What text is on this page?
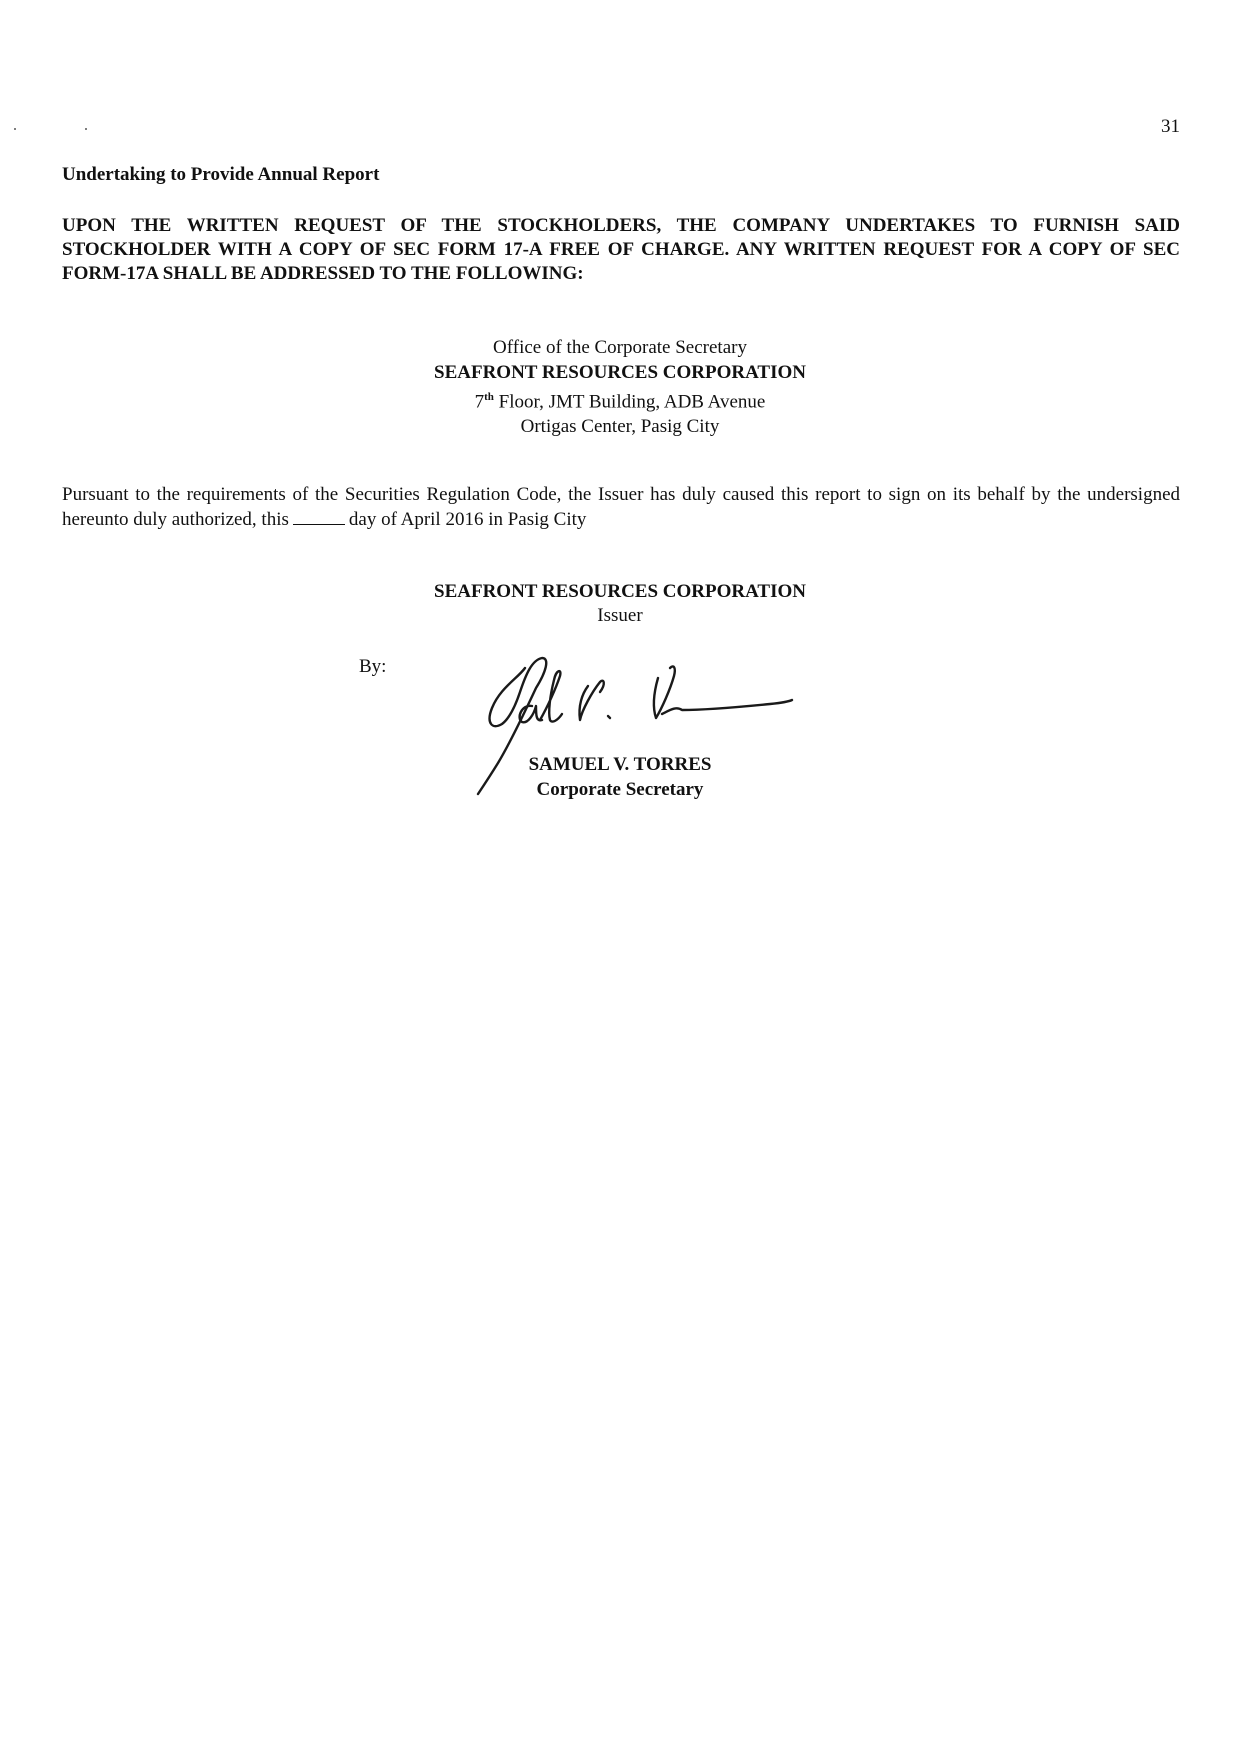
31
Undertaking to Provide Annual Report
UPON THE WRITTEN REQUEST OF THE STOCKHOLDERS, THE COMPANY UNDERTAKES TO FURNISH SAID STOCKHOLDER WITH A COPY OF SEC FORM 17-A FREE OF CHARGE. ANY WRITTEN REQUEST FOR A COPY OF SEC FORM-17A SHALL BE ADDRESSED TO THE FOLLOWING:
Office of the Corporate Secretary
SEAFRONT RESOURCES CORPORATION
7th Floor, JMT Building, ADB Avenue
Ortigas Center, Pasig City
Pursuant to the requirements of the Securities Regulation Code, the Issuer has duly caused this report to sign on its behalf by the undersigned hereunto duly authorized, this	day of April 2016 in Pasig City
SEAFRONT RESOURCES CORPORATION
Issuer
By:
SAMUEL V. TORRES
Corporate Secretary
